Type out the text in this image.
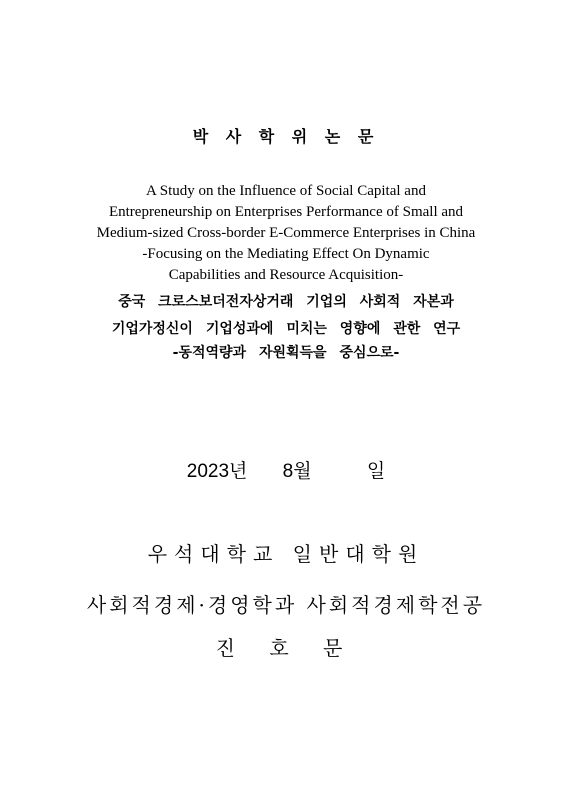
박 사 학 위 논 문
A Study on the Influence of Social Capital and
Entrepreneurship on Enterprises Performance of Small and
Medium-sized Cross-border E-Commerce Enterprises in China
-Focusing on the Mediating Effect On Dynamic
Capabilities and Resource Acquisition-
중국 크로스보더전자상거래 기업의 사회적 자본과
기업가정신이 기업성과에 미치는 영향에 관한 연구
-동적역량과 자원획득을 중심으로-
2023년 8월	일
우석대학교 일반대학원
사회적경제·경영학과 사회적경제학전공
진 호 문
